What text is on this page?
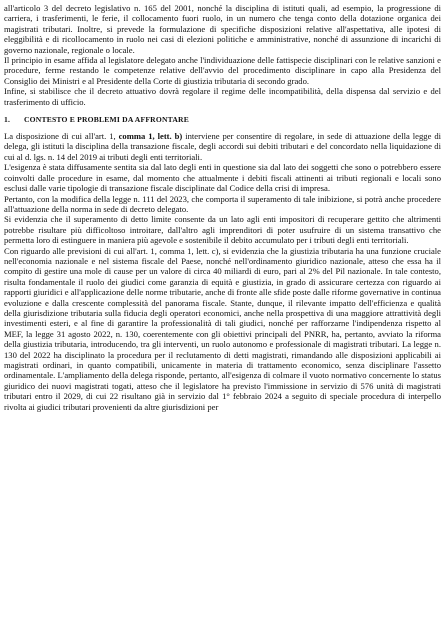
all'articolo 3 del decreto legislativo n. 165 del 2001, nonché la disciplina di istituti quali, ad esempio, la progressione di carriera, i trasferimenti, le ferie, il collocamento fuori ruolo, in un numero che tenga conto della dotazione organica dei magistrati tributari. Inoltre, si prevede la formulazione di specifiche disposizioni relative all'aspettativa, alle ipotesi di eleggibilità e di ricollocamento in ruolo nei casi di elezioni politiche e amministrative, nonché di assunzione di incarichi di governo nazionale, regionale o locale.

Il principio in esame affida al legislatore delegato anche l'individuazione delle fattispecie disciplinari con le relative sanzioni e procedure, ferme restando le competenze relative dell'avvio del procedimento disciplinare in capo alla Presidenza del Consiglio dei Ministri e al Presidente della Corte di giustizia tributaria di secondo grado.

Infine, si stabilisce che il decreto attuativo dovrà regolare il regime delle incompatibilità, della dispensa dal servizio e del trasferimento di ufficio.

1. CONTESTO E PROBLEMI DA AFFRONTARE

La disposizione di cui all'art. 1, comma 1, lett. b) interviene per consentire di regolare, in sede di attuazione della legge di delega, gli istituti la disciplina della transazione fiscale, degli accordi sui debiti tributari e del concordato nella liquidazione di cui al d. lgs. n. 14 del 2019 ai tributi degli enti territoriali.

L'esigenza è stata diffusamente sentita sia dal lato degli enti in questione sia dal lato dei soggetti che sono o potrebbero essere coinvolti dalle procedure in esame, dal momento che attualmente i debiti fiscali attinenti ai tributi regionali e locali sono esclusi dalle varie tipologie di transazione fiscale disciplinate dal Codice della crisi di impresa.

Pertanto, con la modifica della legge n. 111 del 2023, che comporta il superamento di tale inibizione, si potrà anche procedere all'attuazione della norma in sede di decreto delegato.

Si evidenzia che il superamento di detto limite consente da un lato agli enti impositori di recuperare gettito che altrimenti potrebbe risultare più difficoltoso introitare, dall'altro agli imprenditori di poter usufruire di un sistema transattivo che permetta loro di estinguere in maniera più agevole e sostenibile il debito accumulato per i tributi degli enti territoriali.

Con riguardo alle previsioni di cui all'art. 1, comma 1, lett. c), si evidenzia che la giustizia tributaria ha una funzione cruciale nell'economia nazionale e nel sistema fiscale del Paese, nonché nell'ordinamento giuridico nazionale, atteso che essa ha il compito di gestire una mole di cause per un valore di circa 40 miliardi di euro, pari al 2% del Pil nazionale. In tale contesto, risulta fondamentale il ruolo dei giudici come garanzia di equità e giustizia, in grado di assicurare certezza con riguardo ai rapporti giuridici e all'applicazione delle norme tributarie, anche di fronte alle sfide poste dalle riforme governative in continua evoluzione e dalla crescente complessità del panorama fiscale. Stante, dunque, il rilevante impatto dell'efficienza e qualità della giurisdizione tributaria sulla fiducia degli operatori economici, anche nella prospettiva di una maggiore attrattività degli investimenti esteri, e al fine di garantire la professionalità di tali giudici, nonché per rafforzarne l'indipendenza rispetto al MEF, la legge 31 agosto 2022, n. 130, coerentemente con gli obiettivi principali del PNRR, ha, pertanto, avviato la riforma della giustizia tributaria, introducendo, tra gli interventi, un ruolo autonomo e professionale di magistrati tributari. La legge n. 130 del 2022 ha disciplinato la procedura per il reclutamento di detti magistrati, rimandando alle disposizioni applicabili ai magistrati ordinari, in quanto compatibili, unicamente in materia di trattamento economico, senza disciplinare l'assetto ordinamentale. L'ampliamento della delega risponde, pertanto, all'esigenza di colmare il vuoto normativo concernente lo status giuridico dei nuovi magistrati togati, atteso che il legislatore ha previsto l'immissione in servizio di 576 unità di magistrati tributari entro il 2029, di cui 22 risultano già in servizio dal 1° febbraio 2024 a seguito di speciale procedura di interpello rivolta ai giudici tributari provenienti da altre giurisdizioni per
